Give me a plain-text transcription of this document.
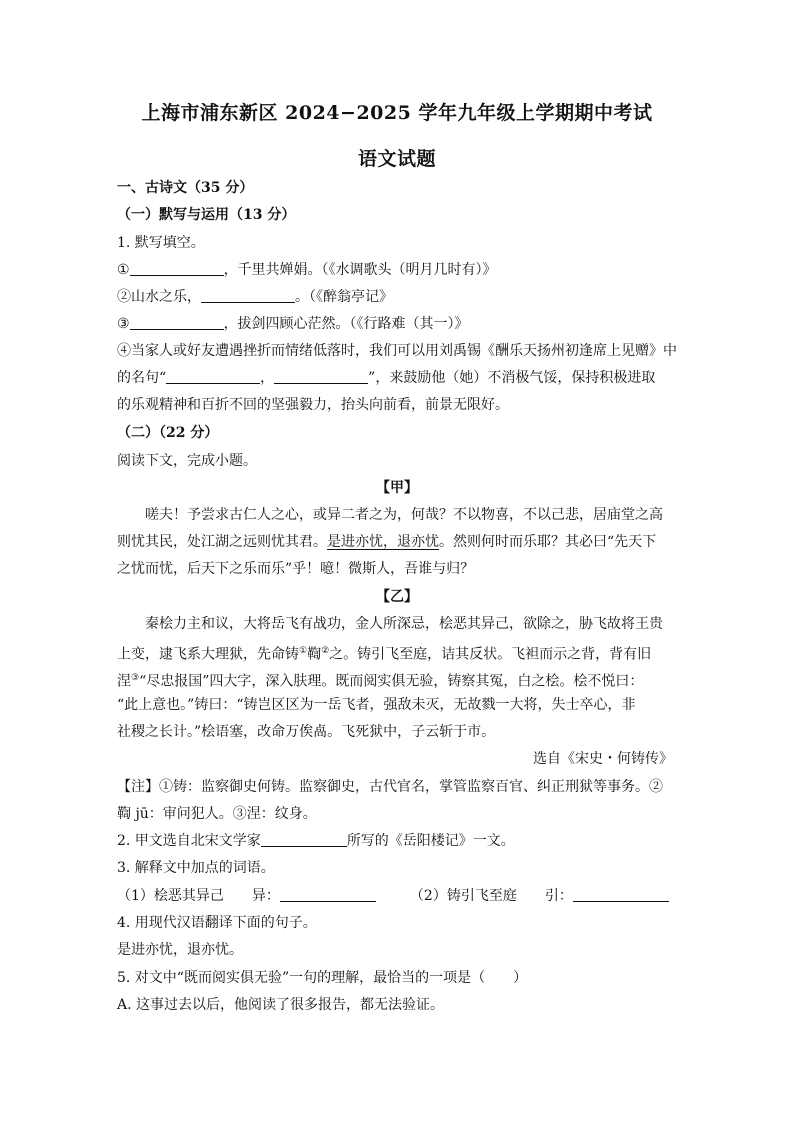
上海市浦东新区 2024−2025 学年九年级上学期期中考试
语文试题
一、古诗文（35 分）
（一）默写与运用（13 分）
1. 默写填空。
①	，千里共婵娟。（《水调歌头（明月几时有）》
②山水之乐，	。（《醉翁亭记》
③	，拔剑四顾心茫然。（《行路难（其一）》
④当家人或好友遭遇挫折而情绪低落时，我们可以用刘禹锡《酬乐天扬州初逢席上见赠》中
的名句“	，	”，来鼓励他（她）不消极气馁，保持积极进取
的乐观精神和百折不回的坚强毅力，抬头向前看，前景无限好。
（二）（22 分）
阅读下文，完成小题。
【甲】
嗟夫！予尝求古仁人之心，或异二者之为，何哉？不以物喜，不以己悲，居庙堂之高
则忧其民，处江湖之远则忧其君。是进亦忧，退亦忧。然则何时而乐耶？其必曰“先天下
之忧而忧，后天下之乐而乐”乎！噫！微斯人，吾谁与归？
【乙】
秦桧力主和议，大将岳飞有战功，金人所深忌，桧恶其异己，欲除之，胁飞故将王贵
上变，逮飞系大理狱，先命铸①鞫②之。铸引飞至庭，诘其反状。飞袒而示之背，背有旧
涅③“尽忠报国”四大字，深入肤理。既而阅实俱无验，铸察其冤，白之桧。桧不悦曰：
“此上意也。”铸曰：“铸岂区区为一岳飞者，强敌未灭，无故戮一大将，失士卒心，非
社稷之长计。”桧语塞，改命万俟卨。飞死狱中，子云斩于市。
选自《宋史・何铸传》
【注】①铸：监察御史何铸。监察御史，古代官名，掌管监察百官、纠正刑狱等事务。②
鞫 jū：审问犯人。③涅：纹身。
2. 甲文选自北宋文学家	所写的《岳阳楼记》一文。
3. 解释文中加点的词语。
（1）桧恶其异己　　异：	（2）铸引飞至庭　　引：
4. 用现代汉语翻译下面的句子。
是进亦忧，退亦忧。
5. 对文中“既而阅实俱无验”一句的理解，最恰当的一项是（　　）
A. 这事过去以后，他阅读了很多报告，都无法验证。
